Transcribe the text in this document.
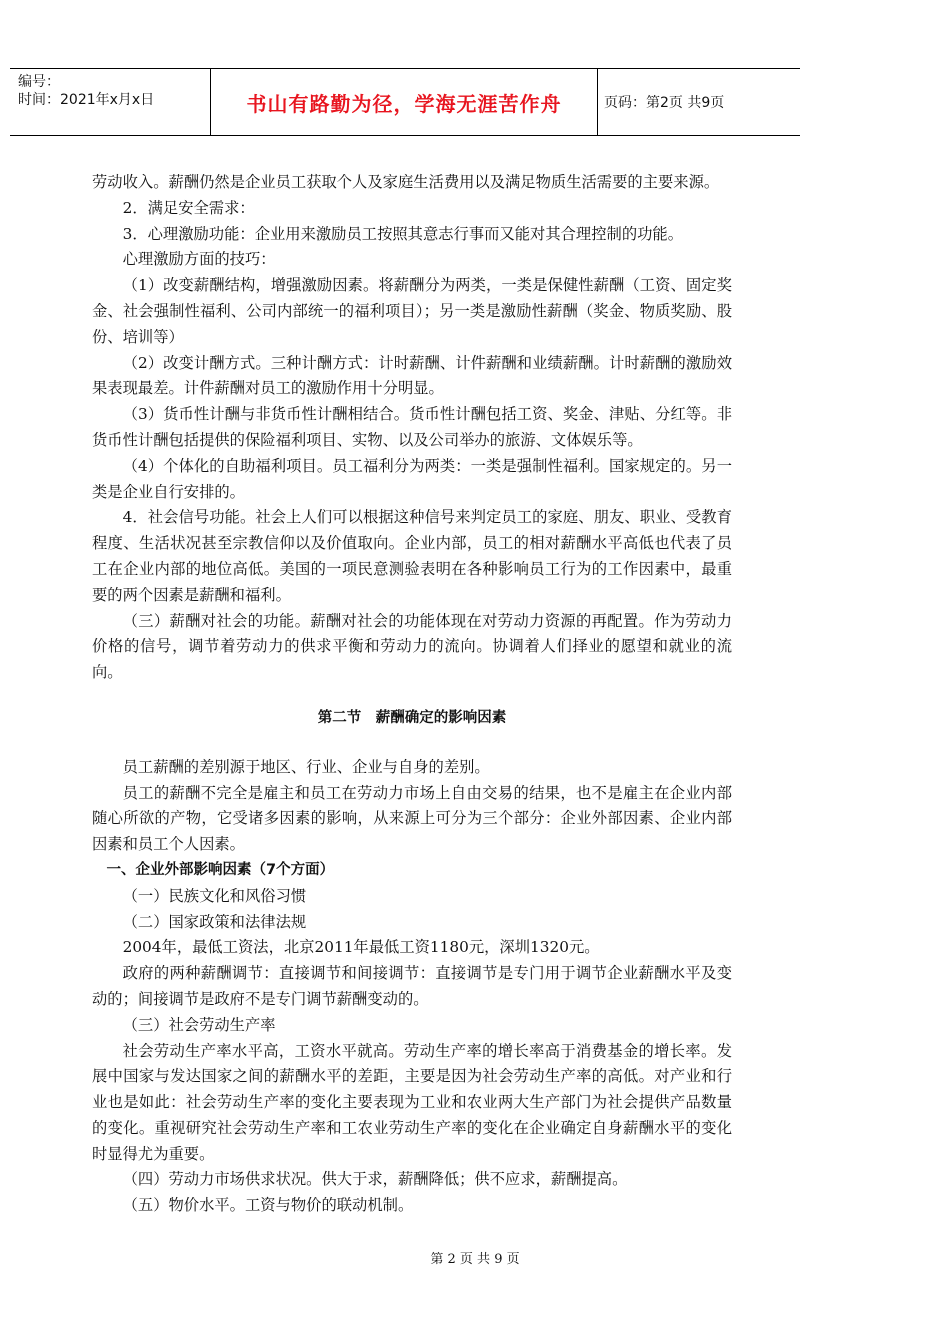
编号：
时间：2021年x月x日	书山有路勤为径，学海无涯苦作舟	页码：第2页 共9页

劳动收入。薪酬仍然是企业员工获取个人及家庭生活费用以及满足物质生活需要的主要来源。

2．满足安全需求：

3．心理激励功能：企业用来激励员工按照其意志行事而又能对其合理控制的功能。

心理激励方面的技巧：

（1）改变薪酬结构，增强激励因素。将薪酬分为两类，一类是保健性薪酬（工资、固定奖金、社会强制性福利、公司内部统一的福利项目）；另一类是激励性薪酬（奖金、物质奖励、股份、培训等）

（2）改变计酬方式。三种计酬方式：计时薪酬、计件薪酬和业绩薪酬。计时薪酬的激励效果表现最差。计件薪酬对员工的激励作用十分明显。

（3）货币性计酬与非货币性计酬相结合。货币性计酬包括工资、奖金、津贴、分红等。非货币性计酬包括提供的保险福利项目、实物、以及公司举办的旅游、文体娱乐等。

（4）个体化的自助福利项目。员工福利分为两类：一类是强制性福利。国家规定的。另一类是企业自行安排的。

4．社会信号功能。社会上人们可以根据这种信号来判定员工的家庭、朋友、职业、受教育程度、生活状况甚至宗教信仰以及价值取向。企业内部，员工的相对薪酬水平高低也代表了员工在企业内部的地位高低。美国的一项民意测验表明在各种影响员工行为的工作因素中，最重要的两个因素是薪酬和福利。

（三）薪酬对社会的功能。薪酬对社会的功能体现在对劳动力资源的再配置。作为劳动力价格的信号，调节着劳动力的供求平衡和劳动力的流向。协调着人们择业的愿望和就业的流向。

第二节　薪酬确定的影响因素

员工薪酬的差别源于地区、行业、企业与自身的差别。

员工的薪酬不完全是雇主和员工在劳动力市场上自由交易的结果，也不是雇主在企业内部随心所欲的产物，它受诸多因素的影响，从来源上可分为三个部分：企业外部因素、企业内部因素和员工个人因素。

一、企业外部影响因素（7个方面）

（一）民族文化和风俗习惯

（二）国家政策和法律法规

2004年，最低工资法，北京2011年最低工资1180元，深圳1320元。

政府的两种薪酬调节：直接调节和间接调节：直接调节是专门用于调节企业薪酬水平及变动的；间接调节是政府不是专门调节薪酬变动的。

（三）社会劳动生产率

社会劳动生产率水平高，工资水平就高。劳动生产率的增长率高于消费基金的增长率。发展中国家与发达国家之间的薪酬水平的差距，主要是因为社会劳动生产率的高低。对产业和行业也是如此：社会劳动生产率的变化主要表现为工业和农业两大生产部门为社会提供产品数量的变化。重视研究社会劳动生产率和工农业劳动生产率的变化在企业确定自身薪酬水平的变化时显得尤为重要。

（四）劳动力市场供求状况。供大于求，薪酬降低；供不应求，薪酬提高。

（五）物价水平。工资与物价的联动机制。

第 2 页 共 9 页
